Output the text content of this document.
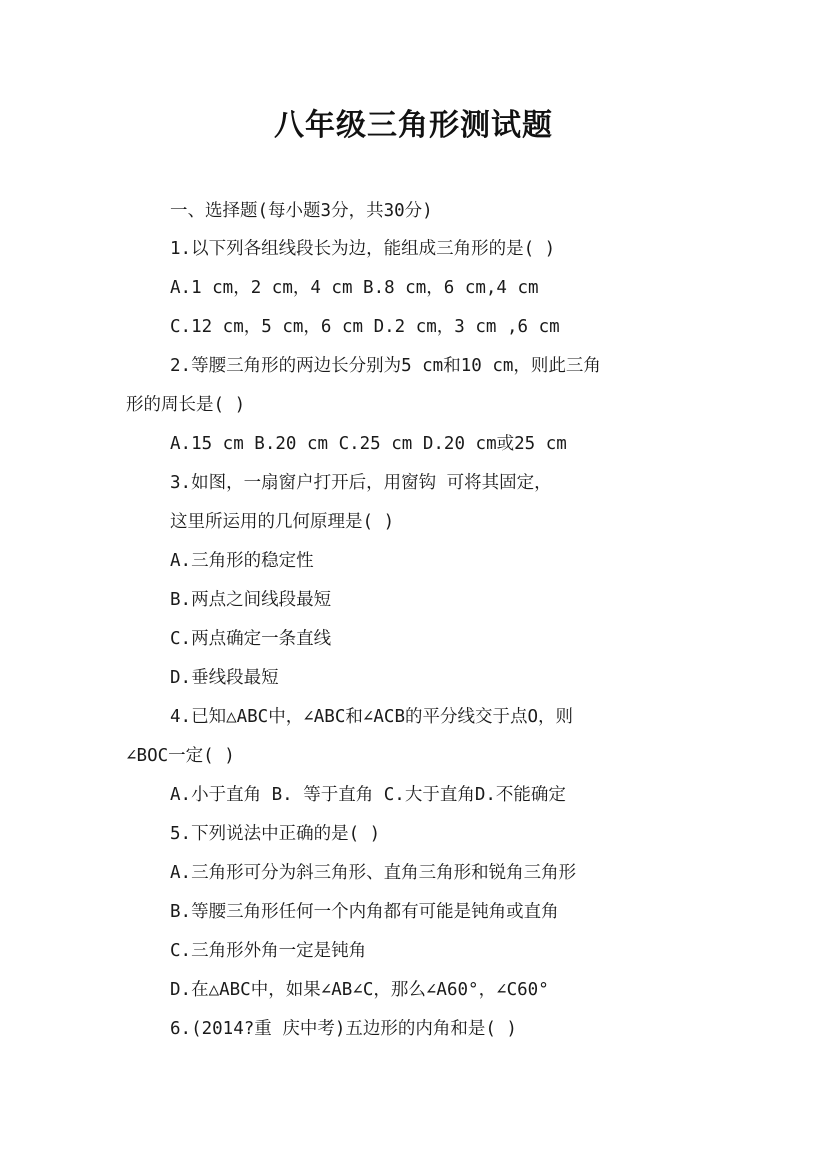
八年级三角形测试题
一、选择题(每小题3分，共30分)
1.以下列各组线段长为边，能组成三角形的是( )
A.1 cm，2 cm，4 cm B.8 cm，6 cm,4 cm
C.12 cm，5 cm，6 cm D.2 cm，3 cm ,6 cm
2.等腰三角形的两边长分别为5 cm和10 cm，则此三角
形的周长是( )
A.15 cm B.20 cm C.25 cm D.20 cm或25 cm
3.如图，一扇窗户打开后，用窗钩 可将其固定，
这里所运用的几何原理是( )
A.三角形的稳定性
B.两点之间线段最短
C.两点确定一条直线
D.垂线段最短
4.已知△ABC中，∠ABC和∠ACB的平分线交于点O，则
∠BOC一定( )
A.小于直角 B. 等于直角 C.大于直角D.不能确定
5.下列说法中正确的是( )
A.三角形可分为斜三角形、直角三角形和锐角三角形
B.等腰三角形任何一个内角都有可能是钝角或直角
C.三角形外角一定是钝角
D.在△ABC中，如果∠AB∠C，那么∠A60°，∠C60°
6.(2014?重 庆中考)五边形的内角和是( )
